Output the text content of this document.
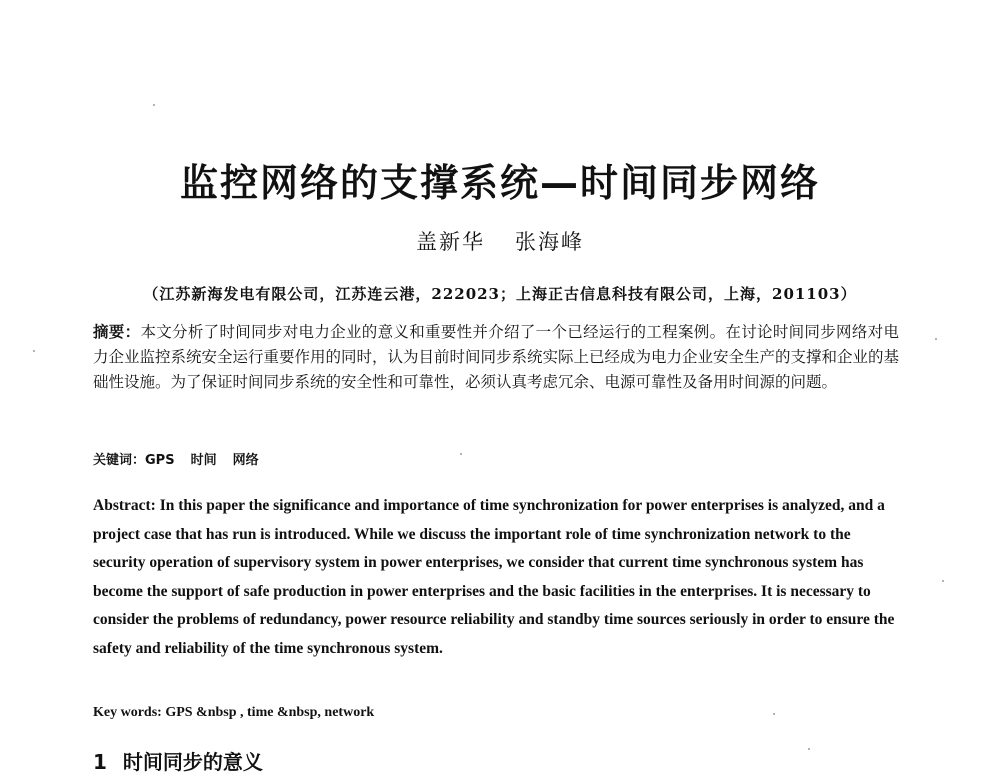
监控网络的支撑系统—时间同步网络
盖新华 张海峰
（江苏新海发电有限公司，江苏连云港，222023；上海正古信息科技有限公司，上海，201103）
摘要：本文分析了时间同步对电力企业的意义和重要性并介绍了一个已经运行的工程案例。在讨论时间同步网络对电力企业监控系统安全运行重要作用的同时，认为目前时间同步系统实际上已经成为电力企业安全生产的支撑和企业的基础性设施。为了保证时间同步系统的安全性和可靠性，必须认真考虑冗余、电源可靠性及备用时间源的问题。
关键词：GPS 时间 网络
Abstract: In this paper the significance and importance of time synchronization for power enterprises is analyzed, and a project case that has run is introduced. While we discuss the important role of time synchronization network to the security operation of supervisory system in power enterprises, we consider that current time synchronous system has become the support of safe production in power enterprises and the basic facilities in the enterprises. It is necessary to consider the problems of redundancy, power resource reliability and standby time sources seriously in order to ensure the safety and reliability of the time synchronous system.
Key words: GPS &nbsp , time &nbsp, network
1 时间同步的意义
